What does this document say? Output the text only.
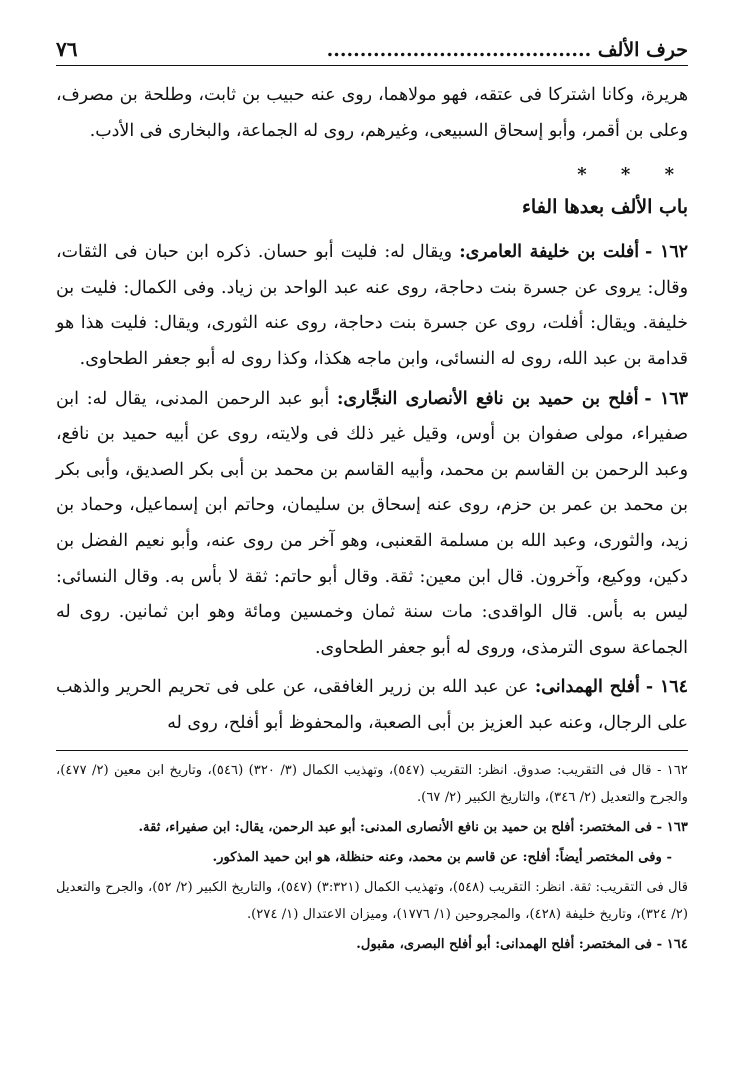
حرف الألف ........................................
٧٦

هريرة، وكانا اشتركا فى عتقه، فهو مولاهما، روى عنه حبيب بن ثابت، وطلحة بن مصرف، وعلى بن أقمر، وأبو إسحاق السبيعى، وغيرهم، روى له الجماعة، والبخارى فى الأدب.

* * *
باب الألف بعدها الفاء

١٦٢ -أفلت بن خليفة العامرى: ويقال له: فليت أبو حسان. ذكره ابن حبان فى الثقات، وقال: يروى عن جسرة بنت دحاجة، روى عنه عبد الواحد بن زياد. وفى الكمال: فليت بن خليفة. ويقال: أفلت، روى عن جسرة بنت دحاجة، روى عنه الثورى، ويقال: فليت هذا هو قدامة بن عبد الله، روى له النسائى، وابن ماجه هكذا، وكذا روى له أبو جعفر الطحاوى.

١٦٣ -أفلح بن حميد بن نافع الأنصارى النجَّارى: أبو عبد الرحمن المدنى، يقال له: ابن صفيراء، مولى صفوان بن أوس، وقيل غير ذلك فى ولايته، روى عن أبيه حميد بن نافع، وعبد الرحمن بن القاسم بن محمد، وأبيه القاسم بن محمد بن أبى بكر الصديق، وأبى بكر بن محمد بن عمر بن حزم، روى عنه إسحاق بن سليمان، وحاتم ابن إسماعيل، وحماد بن زيد، والثورى، وعبد الله بن مسلمة القعنبى، وهو آخر من روى عنه، وأبو نعيم الفضل بن دكين، ووكيع، وآخرون. قال ابن معين: ثقة. وقال أبو حاتم: ثقة لا بأس به. وقال النسائى: ليس به بأس. قال الواقدى: مات سنة ثمان وخمسين ومائة وهو ابن ثمانين. روى له الجماعة سوى الترمذى، وروى له أبو جعفر الطحاوى.

١٦٤ -أفلح الهمدانى: عن عبد الله بن زرير الغافقى، عن على فى تحريم الحرير والذهب على الرجال، وعنه عبد العزيز بن أبى الصعبة، والمحفوظ أبو أفلح، روى له

١٦٢ - قال فى التقريب: صدوق. انظر: التقريب (٥٤٧)، وتهذيب الكمال (٣/ ٣٢٠) (٥٤٦)، وتاريخ ابن معين (٢/ ٤٧٧)، والجرح والتعديل (٢/ ٣٤٦)، والتاريخ الكبير (٢/ ٦٧).

١٦٣ - فى المختصر: أفلح بن حميد بن نافع الأنصارى المدنى: أبو عبد الرحمن، يقال: ابن صفيراء، ثقة.

- وفى المختصر أيضاً: أفلح: عن قاسم بن محمد، وعنه حنظلة، هو ابن حميد المذكور.

قال فى التقريب: ثقة. انظر: التقريب (٥٤٨)، وتهذيب الكمال (٣:٣٢١) (٥٤٧)، والتاريخ الكبير (٢/ ٥٢)، والجرح والتعديل (٢/ ٣٢٤)، وتاريخ خليفة (٤٢٨)، والمجروحين (١/ ١٧٧٦)، وميزان الاعتدال (١/ ٢٧٤).

١٦٤ - فى المختصر: أفلح الهمدانى: أبو أفلح البصرى، مقبول.
